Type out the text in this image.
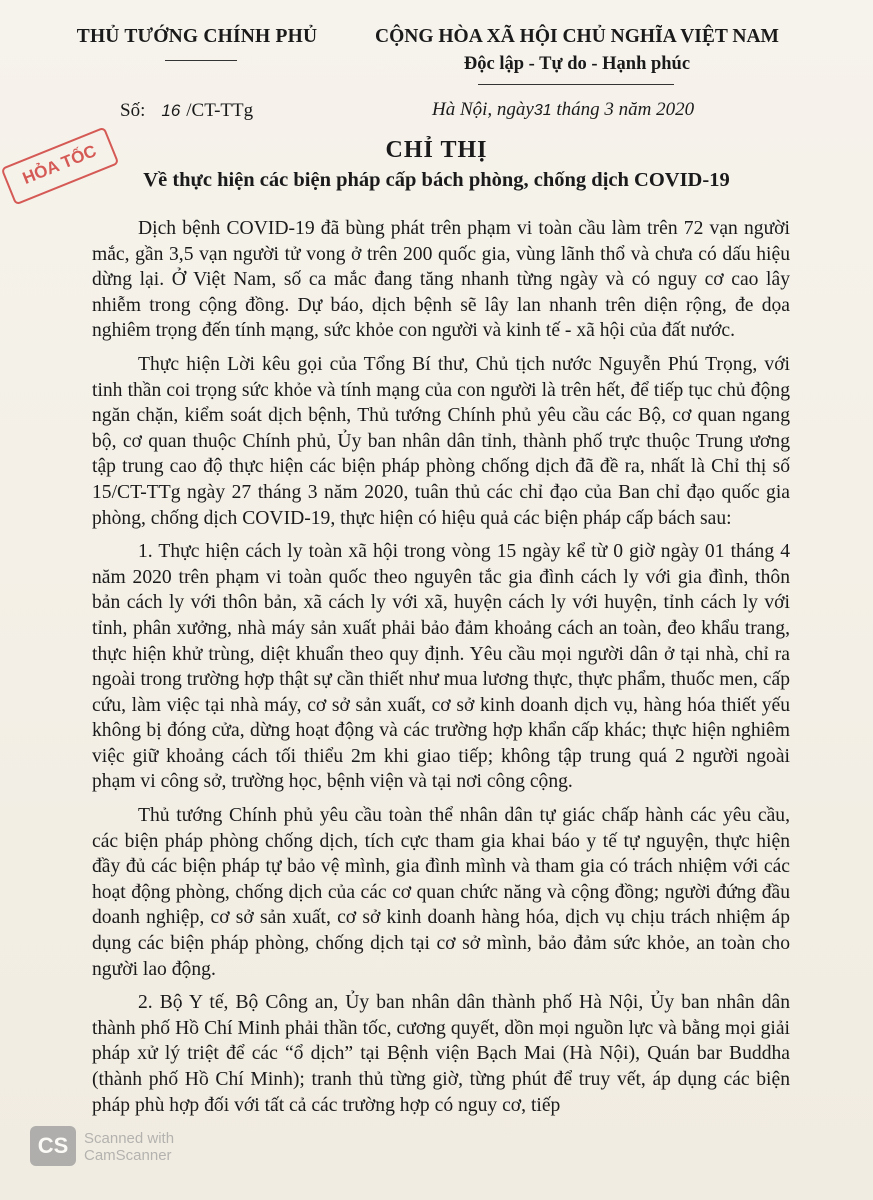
THỦ TƯỚNG CHÍNH PHỦ	CỘNG HÒA XÃ HỘI CHỦ NGHĨA VIỆT NAM
Độc lập - Tự do - Hạnh phúc
Số: 16 /CT-TTg	Hà Nội, ngày31 tháng 3 năm 2020
HỎA TỐC	CHỈ THỊ
Về thực hiện các biện pháp cấp bách phòng, chống dịch COVID-19

Dịch bệnh COVID-19 đã bùng phát trên phạm vi toàn cầu làm trên 72 vạn người mắc, gần 3,5 vạn người tử vong ở trên 200 quốc gia, vùng lãnh thổ và chưa có dấu hiệu dừng lại. Ở Việt Nam, số ca mắc đang tăng nhanh từng ngày và có nguy cơ cao lây nhiễm trong cộng đồng. Dự báo, dịch bệnh sẽ lây lan nhanh trên diện rộng, đe dọa nghiêm trọng đến tính mạng, sức khỏe con người và kinh tế - xã hội của đất nước.

Thực hiện Lời kêu gọi của Tổng Bí thư, Chủ tịch nước Nguyễn Phú Trọng, với tinh thần coi trọng sức khỏe và tính mạng của con người là trên hết, để tiếp tục chủ động ngăn chặn, kiểm soát dịch bệnh, Thủ tướng Chính phủ yêu cầu các Bộ, cơ quan ngang bộ, cơ quan thuộc Chính phủ, Ủy ban nhân dân tỉnh, thành phố trực thuộc Trung ương tập trung cao độ thực hiện các biện pháp phòng chống dịch đã đề ra, nhất là Chỉ thị số 15/CT-TTg ngày 27 tháng 3 năm 2020, tuân thủ các chỉ đạo của Ban chỉ đạo quốc gia phòng, chống dịch COVID-19, thực hiện có hiệu quả các biện pháp cấp bách sau:

1. Thực hiện cách ly toàn xã hội trong vòng 15 ngày kể từ 0 giờ ngày 01 tháng 4 năm 2020 trên phạm vi toàn quốc theo nguyên tắc gia đình cách ly với gia đình, thôn bản cách ly với thôn bản, xã cách ly với xã, huyện cách ly với huyện, tỉnh cách ly với tỉnh, phân xưởng, nhà máy sản xuất phải bảo đảm khoảng cách an toàn, đeo khẩu trang, thực hiện khử trùng, diệt khuẩn theo quy định. Yêu cầu mọi người dân ở tại nhà, chỉ ra ngoài trong trường hợp thật sự cần thiết như mua lương thực, thực phẩm, thuốc men, cấp cứu, làm việc tại nhà máy, cơ sở sản xuất, cơ sở kinh doanh dịch vụ, hàng hóa thiết yếu không bị đóng cửa, dừng hoạt động và các trường hợp khẩn cấp khác; thực hiện nghiêm việc giữ khoảng cách tối thiểu 2m khi giao tiếp; không tập trung quá 2 người ngoài phạm vi công sở, trường học, bệnh viện và tại nơi công cộng.

Thủ tướng Chính phủ yêu cầu toàn thể nhân dân tự giác chấp hành các yêu cầu, các biện pháp phòng chống dịch, tích cực tham gia khai báo y tế tự nguyện, thực hiện đầy đủ các biện pháp tự bảo vệ mình, gia đình mình và tham gia có trách nhiệm với các hoạt động phòng, chống dịch của các cơ quan chức năng và cộng đồng; người đứng đầu doanh nghiệp, cơ sở sản xuất, cơ sở kinh doanh hàng hóa, dịch vụ chịu trách nhiệm áp dụng các biện pháp phòng, chống dịch tại cơ sở mình, bảo đảm sức khỏe, an toàn cho người lao động.

2. Bộ Y tế, Bộ Công an, Ủy ban nhân dân thành phố Hà Nội, Ủy ban nhân dân thành phố Hồ Chí Minh phải thần tốc, cương quyết, dồn mọi nguồn lực và bằng mọi giải pháp xử lý triệt để các “ổ dịch” tại Bệnh viện Bạch Mai (Hà Nội), Quán bar Buddha (thành phố Hồ Chí Minh); tranh thủ từng giờ, từng phút để truy vết, áp dụng các biện pháp phù hợp đối với tất cả các trường hợp có nguy cơ, tiếp

CS	Scanned with
CamScanner
